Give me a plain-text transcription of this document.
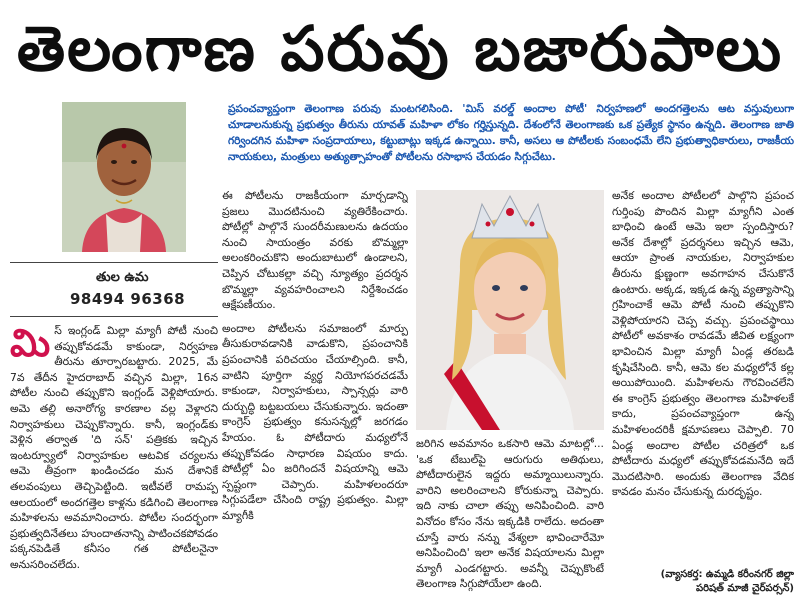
తెలంగాణ పరువు బజారుపాలు
ప్రపంచవ్యాప్తంగా తెలంగాణ పరువు మంటగలిసింది. 'మిస్ వరల్డ్ అందాల పోటీ' నిర్వహణలో అందగత్తెలను ఆట వస్తువులుగా చూడాలనుకున్న ప్రభుత్వం తీరును యావత్ మహిళా లోకం గర్హిస్తున్నది. దేశంలోనే తెలంగాణకు ఒక ప్రత్యేక స్థానం ఉన్నది. తెలంగాణ జాతి గర్విందగిన మహిళా సంప్రదాయాలు, కట్టుబాట్లు ఇక్కడ ఉన్నాయి. కానీ, అసలు ఆ పోటీలకు సంబంధమే లేని ప్రభుత్వాధికారులు, రాజకీయ నాయకులు, మంత్రులు అత్యుత్సాహంతో పోటీలను రసాభాస చేయడం సిగ్గుచేటు.
తుల ఉమ
98494 96368
మి స్ ఇంగ్లండ్ మిల్లా మ్యాగీ పోటీ నుంచి తప్పుకోవడమే కాకుండా, నిర్వహణ తీరును తూర్పారబట్టారు. 2025, మే 7వ తేదీన హైదరాబాద్ వచ్చిన మిల్లా, 16న పోటీల నుంచి తప్పుకొని ఇంగ్లండ్ వెళ్లిపోయారు. అమె తల్లి అనారోగ్య కారణాల వల్ల వెళ్లారని నిర్వాహకులు చెప్పుకొన్నారు. కానీ, ఇంగ్లండ్‌కు వెళ్లిన తర్వాత 'ది సన్' పత్రికకు ఇచ్చిన ఇంటర్వ్యూలో నిర్వాహకుల ఆటవిక చర్యలను ఆమె తీవ్రంగా ఖండించడం మన దేశానికే తలవంపులు తెచ్చిపెట్టింది. ఇటీవలే రామప్ప ఆలయంలో అందగత్తెల కాళ్లను కడిగించి తెలంగాణ మహిళలను అవమానించారు. పోటీల సందర్భంగా ప్రభుత్వదినేతలు హుందాతనాన్ని పాటించకపోవడం పక్కనపెడితే కనీసం గత పోటీలనైనా అనుసరించలేదు.
ఈ పోటీలను రాజకీయంగా మార్చడాన్ని ప్రజలు మొదటినుంచి వ్యతిరేకించారు. పోటీల్లో పాల్గొనే సుందరీమణులను ఉదయం నుంచి సాయంత్రం వరకు బొమ్మల్లా అలంకరించుకొని అందుబాటులో ఉండాలని, చెప్పిన చోటుకల్లా వచ్చి న్యూత్యం ప్రదర్శన బొమ్మల్లా వ్యవహరించాలని నిర్దేశించడం ఆక్షేపణీయం.
అందాల పోటీలను సమాజంలో మార్పు తీసుకురావడానికి వాడుకొని, ప్రపంచానికి ప్రపంచానికి పరిచయం చేయాల్సింది. కానీ, వాటిని పూర్తిగా వ్యర్థ నియోగపరచడమే కాకుండా, నిర్వాహకులు, స్పాన్సర్లు వారి దుర్బుద్ధి బట్టబయలు చేసుకున్నారు. ఇదంతా కాంగ్రెస్ ప్రభుత్వం కనుసన్నల్లో జరగడం హేయం. ఓ పోటీదారు మధ్యలోనే తప్పుకోవడం సాధారణ విషయం కాదు. పోటీల్లో ఏం జరిగిందనే విషయాన్ని ఆమె స్పష్టంగా చెప్పారు. మహిళలందరూ సిగ్గుపడేలా చేసింది రాష్ట్ర ప్రభుత్వం. మిల్లా మ్యాగీకి
జరిగిన అవమానం ఒకసారి ఆమె మాటల్లో... 'ఒక టేబుల్‌పై ఆరుగురు అతిథులు, పోటీదారులైన ఇద్దరు అమ్మాయిలున్నారు. వారిని అలరించాలని కోరుకున్నా చెప్పారు. ఇది నాకు చాలా తప్పు అనిపించింది. వారి వినోదం కోసం నేను ఇక్కడికి రాలేదు. అదంతా చూస్తే వారు నన్ను వేశ్యలా భావించారేమో అనిపించింది' ఇలా అనేక విషయాలను మిల్లా మ్యాగీ ఎండగట్టారు. అవన్నీ చెప్పుకొంటే తెలంగాణ సిగ్గుపోయేలా ఉంది.
అనేక అందాల పోటీలలో పాల్గొని ప్రపంచ గుర్తింపు పొందిన మిల్లా మ్యాగీని ఎంత బాధించి ఉంటే ఆమె ఇలా స్పందిస్తారు? అనేక దేశాల్లో ప్రదర్శనలు ఇచ్చిన ఆమె, ఆయా ప్రాంత నాయకుల, నిర్వాహకుల తీరును క్షుణ్ణంగా అవగాహన చేసుకొనే ఉంటారు. అక్కడ, ఇక్కడ ఉన్న వ్యత్యాసాన్ని గ్రహించాకే ఆమె పోటీ నుంచి తప్పుకొని వెళ్లిపోయారని చెప్ప వచ్చు. ప్రపంచస్థాయి పోటీలో అవకాశం రావడమే జీవిత లక్ష్యంగా భావించిన మిల్లా మ్యాగీ ఏండ్ల తరబడి కృషిచేసింది. కానీ, ఆమె కల మధ్యలోనే కల్ల అయిపోయింది. మహిళలను గౌరవించలేని ఈ కాంగ్రెస్ ప్రభుత్వం తెలంగాణ మహిళలకే కాదు, ప్రపంచవ్యాప్తంగా ఉన్న మహిళలందరికీ క్షమాపణలు చెప్పాలి. 70 ఏండ్ల అందాల పోటీల చరిత్రలో ఒక పోటీదారు మధ్యలో తప్పుకోవడమనేది ఇదే మొదటిసారి. అందుకు తెలంగాణ వేదిక కావడం మనం చేసుకున్న దురదృష్టం.
(వ్యాసకర్త: ఉమ్మడి కరీంనగర్ జిల్లా
పరిషత్ మాజీ చైర్‌పర్సన్)
